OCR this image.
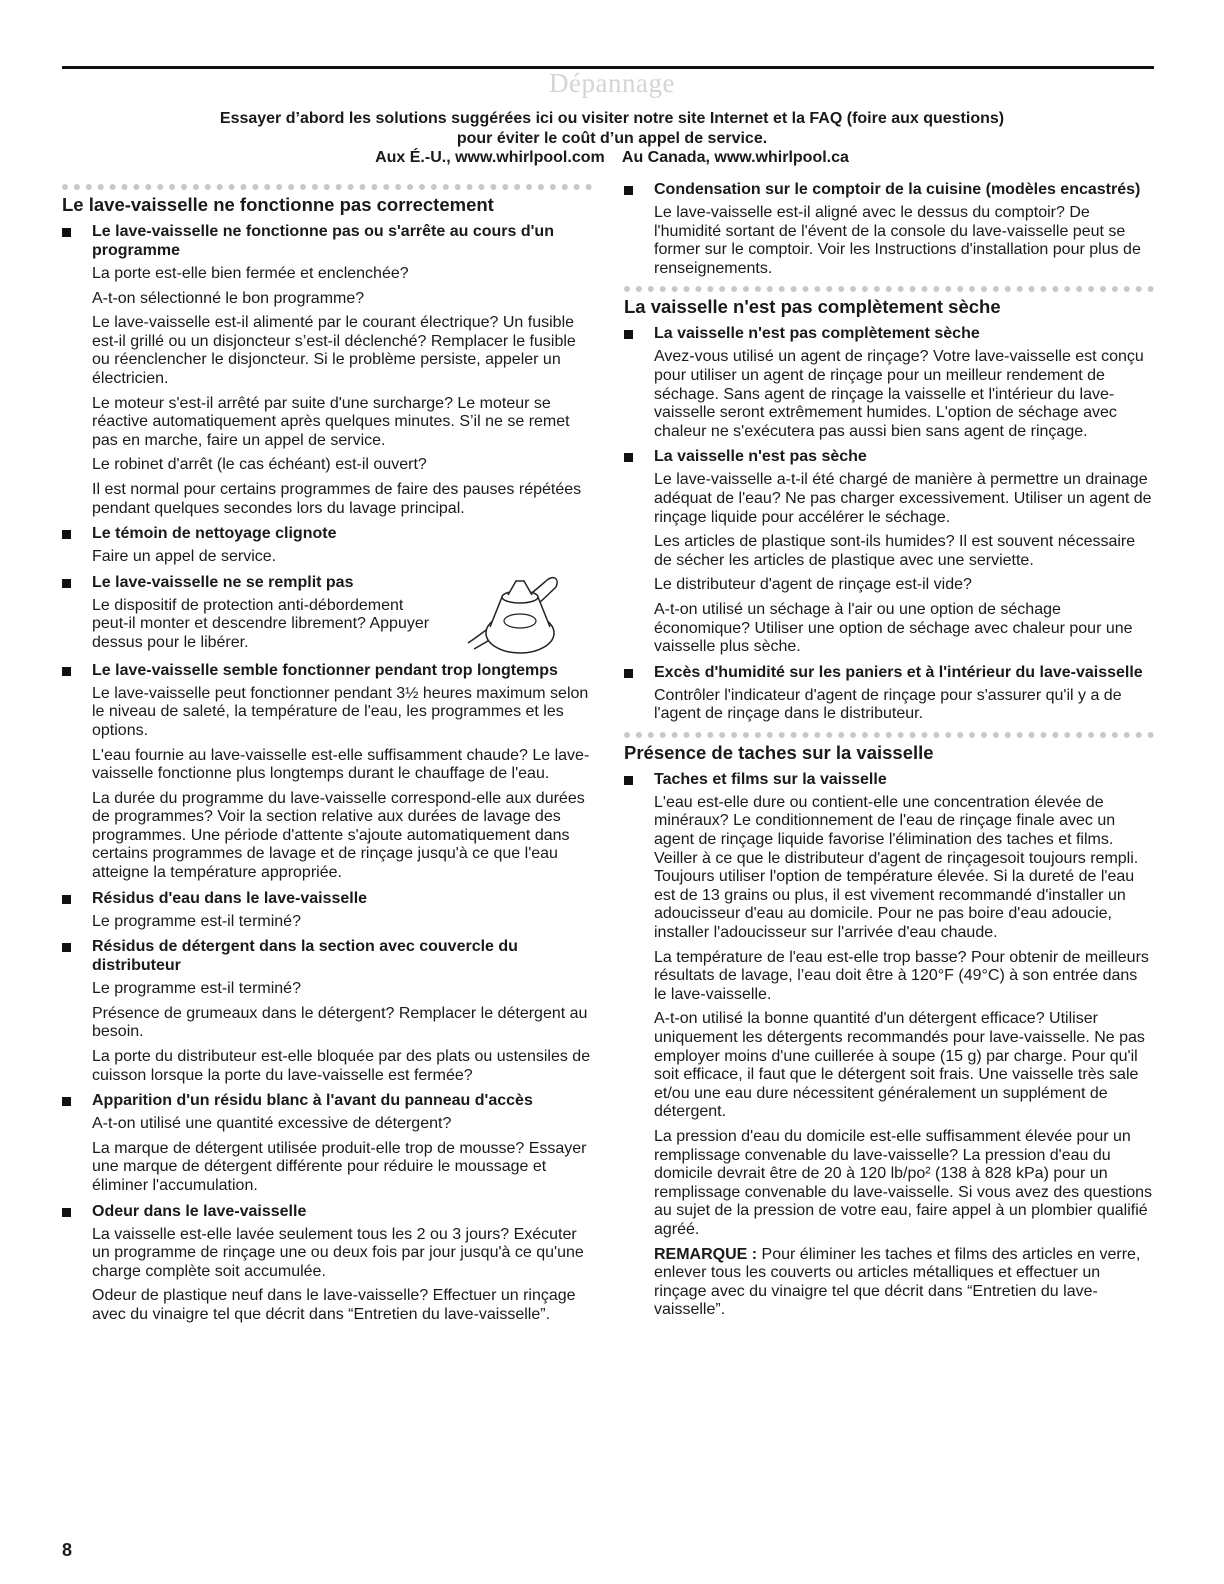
Dépannage
Essayer d’abord les solutions suggérées ici ou visiter notre site Internet et la FAQ (foire aux questions)
pour éviter le coût d’un appel de service.
Aux É.-U., www.whirlpool.com    Au Canada, www.whirlpool.ca
Le lave-vaisselle ne fonctionne pas correctement
Le lave-vaisselle ne fonctionne pas ou s'arrête au cours d'un programme

La porte est-elle bien fermée et enclenchée?

A-t-on sélectionné le bon programme?

Le lave-vaisselle est-il alimenté par le courant électrique? Un fusible est-il grillé ou un disjoncteur s’est-il déclenché? Remplacer le fusible ou réenclencher le disjoncteur. Si le problème persiste, appeler un électricien.

Le moteur s'est-il arrêté par suite d'une surcharge? Le moteur se réactive automatiquement après quelques minutes. S’il ne se remet pas en marche, faire un appel de service.

Le robinet d'arrêt (le cas échéant) est-il ouvert?

Il est normal pour certains programmes de faire des pauses répétées pendant quelques secondes lors du lavage principal.

Le témoin de nettoyage clignote

Faire un appel de service.

Le lave-vaisselle ne se remplit pas

Le dispositif de protection anti-débordement peut-il monter et descendre librement? Appuyer dessus pour le libérer.

Le lave-vaisselle semble fonctionner pendant trop longtemps

Le lave-vaisselle peut fonctionner pendant 3½ heures maximum selon le niveau de saleté, la température de l'eau, les programmes et les options.

L'eau fournie au lave-vaisselle est-elle suffisamment chaude? Le lave-vaisselle fonctionne plus longtemps durant le chauffage de l'eau.

La durée du programme du lave-vaisselle correspond-elle aux durées de programmes? Voir la section relative aux durées de lavage des programmes. Une période d'attente s'ajoute automatiquement dans certains programmes de lavage et de rinçage jusqu'à ce que l'eau atteigne la température appropriée.

Résidus d'eau dans le lave-vaisselle

Le programme est-il terminé?

Résidus de détergent dans la section avec couvercle du distributeur

Le programme est-il terminé?

Présence de grumeaux dans le détergent? Remplacer le détergent au besoin.

La porte du distributeur est-elle bloquée par des plats ou ustensiles de cuisson lorsque la porte du lave-vaisselle est fermée?

Apparition d'un résidu blanc à l'avant du panneau d'accès

A-t-on utilisé une quantité excessive de détergent?

La marque de détergent utilisée produit-elle trop de mousse? Essayer une marque de détergent différente pour réduire le moussage et éliminer l'accumulation.

Odeur dans le lave-vaisselle

La vaisselle est-elle lavée seulement tous les 2 ou 3 jours? Exécuter un programme de rinçage une ou deux fois par jour jusqu'à ce qu'une charge complète soit accumulée.

Odeur de plastique neuf dans le lave-vaisselle? Effectuer un rinçage avec du vinaigre tel que décrit dans “Entretien du lave-vaisselle”.

Condensation sur le comptoir de la cuisine (modèles encastrés)

Le lave-vaisselle est-il aligné avec le dessus du comptoir? De l'humidité sortant de l'évent de la console du lave-vaisselle peut se former sur le comptoir. Voir les Instructions d'installation pour plus de renseignements.

La vaisselle n'est pas complètement sèche
La vaisselle n'est pas complètement sèche

Avez-vous utilisé un agent de rinçage? Votre lave-vaisselle est conçu pour utiliser un agent de rinçage pour un meilleur rendement de séchage. Sans agent de rinçage la vaisselle et l'intérieur du lave-vaisselle seront extrêmement humides. L'option de séchage avec chaleur ne s'exécutera pas aussi bien sans agent de rinçage.

La vaisselle n'est pas sèche

Le lave-vaisselle a-t-il été chargé de manière à permettre un drainage adéquat de l'eau? Ne pas charger excessivement. Utiliser un agent de rinçage liquide pour accélérer le séchage.

Les articles de plastique sont-ils humides? Il est souvent nécessaire de sécher les articles de plastique avec une serviette.

Le distributeur d'agent de rinçage est-il vide?

A-t-on utilisé un séchage à l'air ou une option de séchage économique? Utiliser une option de séchage avec chaleur pour une vaisselle plus sèche.

Excès d'humidité sur les paniers et à l'intérieur du lave-vaisselle

Contrôler l'indicateur d'agent de rinçage pour s'assurer qu'il y a de l'agent de rinçage dans le distributeur.

Présence de taches sur la vaisselle
Taches et films sur la vaisselle

L'eau est-elle dure ou contient-elle une concentration élevée de minéraux? Le conditionnement de l'eau de rinçage finale avec un agent de rinçage liquide favorise l'élimination des taches et films. Veiller à ce que le distributeur d'agent de rinçagesoit toujours rempli. Toujours utiliser l'option de température élevée. Si la dureté de l'eau est de 13 grains ou plus, il est vivement recommandé d'installer un adoucisseur d'eau au domicile. Pour ne pas boire d'eau adoucie, installer l'adoucisseur sur l'arrivée d'eau chaude.

La température de l'eau est-elle trop basse? Pour obtenir de meilleurs résultats de lavage, l’eau doit être à 120°F (49°C) à son entrée dans le lave-vaisselle.

A-t-on utilisé la bonne quantité d'un détergent efficace? Utiliser uniquement les détergents recommandés pour lave-vaisselle. Ne pas employer moins d'une cuillerée à soupe (15 g) par charge. Pour qu'il soit efficace, il faut que le détergent soit frais. Une vaisselle très sale et/ou une eau dure nécessitent généralement un supplément de détergent.

La pression d'eau du domicile est-elle suffisamment élevée pour un remplissage convenable du lave-vaisselle? La pression d'eau du domicile devrait être de 20 à 120 lb/po² (138 à 828 kPa) pour un remplissage convenable du lave-vaisselle. Si vous avez des questions au sujet de la pression de votre eau, faire appel à un plombier qualifié agréé.

REMARQUE : Pour éliminer les taches et films des articles en verre, enlever tous les couverts ou articles métalliques et effectuer un rinçage avec du vinaigre tel que décrit dans “Entretien du lave-vaisselle”.

8
